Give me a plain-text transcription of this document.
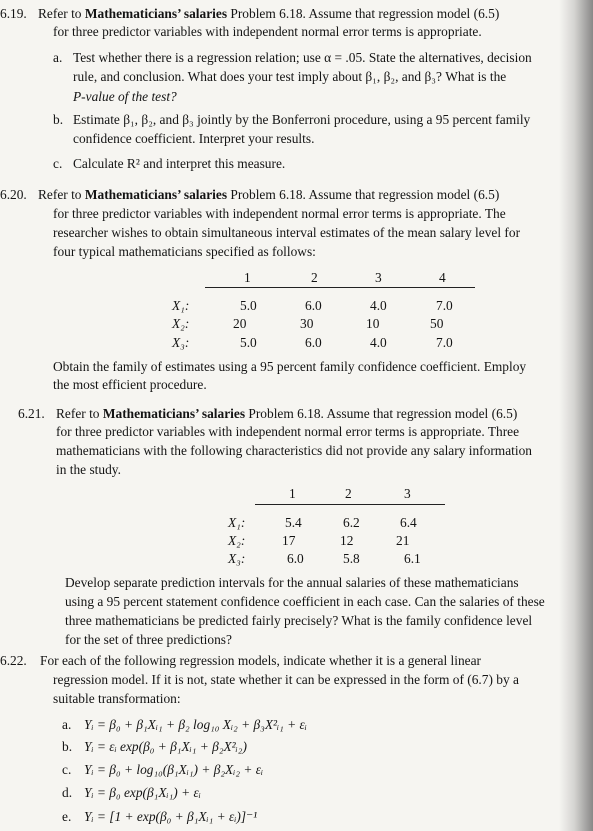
6.19. Refer to Mathematicians’ salaries Problem 6.18. Assume that regression model (6.5)
for three predictor variables with independent normal error terms is appropriate.
a. Test whether there is a regression relation; use α = .05. State the alternatives, decision
rule, and conclusion. What does your test imply about β₁, β₂, and β₃? What is the
P-value of the test?
b. Estimate β₁, β₂, and β₃ jointly by the Bonferroni procedure, using a 95 percent family
confidence coefficient. Interpret your results.
c. Calculate R² and interpret this measure.
6.20. Refer to Mathematicians’ salaries Problem 6.18. Assume that regression model (6.5)
for three predictor variables with independent normal error terms is appropriate. The
researcher wishes to obtain simultaneous interval estimates of the mean salary level for
four typical mathematicians specified as follows:
1	2	3	4
X₁:	5.0	6.0	4.0	7.0
X₂:	20	30	10	50
X₃:	5.0	6.0	4.0	7.0
Obtain the family of estimates using a 95 percent family confidence coefficient. Employ
the most efficient procedure.
6.21. Refer to Mathematicians’ salaries Problem 6.18. Assume that regression model (6.5)
for three predictor variables with independent normal error terms is appropriate. Three
mathematicians with the following characteristics did not provide any salary information
in the study.
1	2	3
X₁:	5.4	6.2	6.4
X₂:	17	12	21
X₃:	6.0	5.8	6.1
Develop separate prediction intervals for the annual salaries of these mathematicians
using a 95 percent statement confidence coefficient in each case. Can the salaries of these
three mathematicians be predicted fairly precisely? What is the family confidence level
for the set of three predictions?
6.22. For each of the following regression models, indicate whether it is a general linear
regression model. If it is not, state whether it can be expressed in the form of (6.7) by a
suitable transformation:
a. Yᵢ = β₀ + β₁Xᵢ₁ + β₂ log₁₀ Xᵢ₂ + β₃X²ᵢ₁ + εᵢ
b. Yᵢ = εᵢ exp(β₀ + β₁Xᵢ₁ + β₂X²ᵢ₂)
c. Yᵢ = β₀ + log₁₀(β₁Xᵢ₁) + β₂Xᵢ₂ + εᵢ
d. Yᵢ = β₀ exp(β₁Xᵢ₁) + εᵢ
e. Yᵢ = [1 + exp(β₀ + β₁Xᵢ₁ + εᵢ)]⁻¹
